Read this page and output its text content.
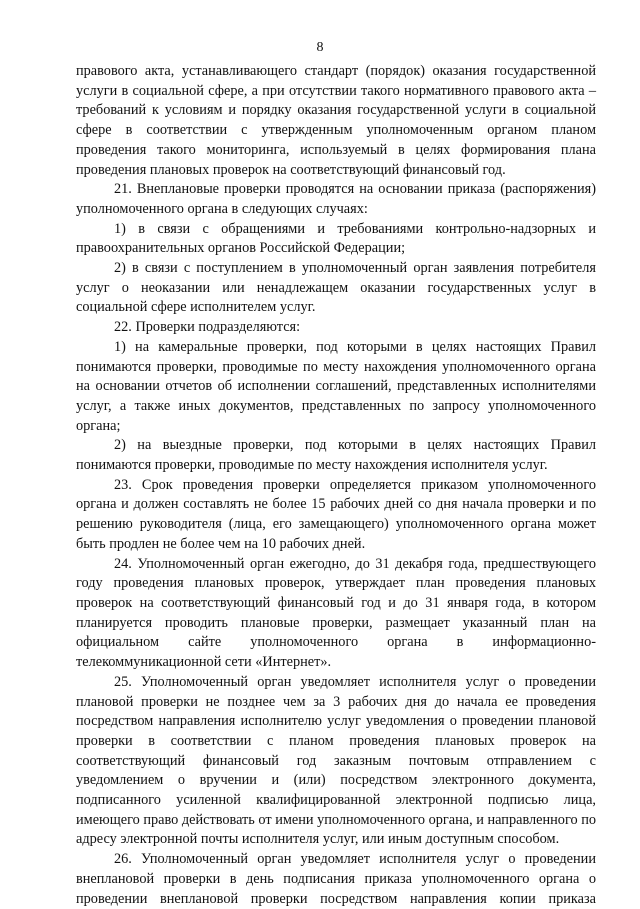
8

правового акта, устанавливающего стандарт (порядок) оказания государственной услуги в социальной сфере, а при отсутствии такого нормативного правового акта – требований к условиям и порядку оказания государственной услуги в социальной сфере в соответствии с утвержденным уполномоченным органом планом проведения такого мониторинга, используемый в целях формирования плана проведения плановых проверок на соответствующий финансовый год.

21. Внеплановые проверки проводятся на основании приказа (распоряжения) уполномоченного органа в следующих случаях:

1) в связи с обращениями и требованиями контрольно-надзорных и правоохранительных органов Российской Федерации;

2) в связи с поступлением в уполномоченный орган заявления потребителя услуг о неоказании или ненадлежащем оказании государственных услуг в социальной сфере исполнителем услуг.

22. Проверки подразделяются:

1) на камеральные проверки, под которыми в целях настоящих Правил понимаются проверки, проводимые по месту нахождения уполномоченного органа на основании отчетов об исполнении соглашений, представленных исполнителями услуг, а также иных документов, представленных по запросу уполномоченного органа;

2) на выездные проверки, под которыми в целях настоящих Правил понимаются проверки, проводимые по месту нахождения исполнителя услуг.

23. Срок проведения проверки определяется приказом уполномоченного органа и должен составлять не более 15 рабочих дней со дня начала проверки и по решению руководителя (лица, его замещающего) уполномоченного органа может быть продлен не более чем на 10 рабочих дней.

24. Уполномоченный орган ежегодно, до 31 декабря года, предшествующего году проведения плановых проверок, утверждает план проведения плановых проверок на соответствующий финансовый год и до 31 января года, в котором планируется проводить плановые проверки, размещает указанный план на официальном сайте уполномоченного органа в информационно-телекоммуникационной сети «Интернет».

25. Уполномоченный орган уведомляет исполнителя услуг о проведении плановой проверки не позднее чем за 3 рабочих дня до начала ее проведения посредством направления исполнителю услуг уведомления о проведении плановой проверки в соответствии с планом проведения плановых проверок на соответствующий финансовый год заказным почтовым отправлением с уведомлением о вручении и (или) посредством электронного документа, подписанного усиленной квалифицированной электронной подписью лица, имеющего право действовать от имени уполномоченного органа, и направленного по адресу электронной почты исполнителя услуг, или иным доступным способом.

26. Уполномоченный орган уведомляет исполнителя услуг о проведении внеплановой проверки в день подписания приказа уполномоченного органа о проведении внеплановой проверки посредством направления копии приказа
